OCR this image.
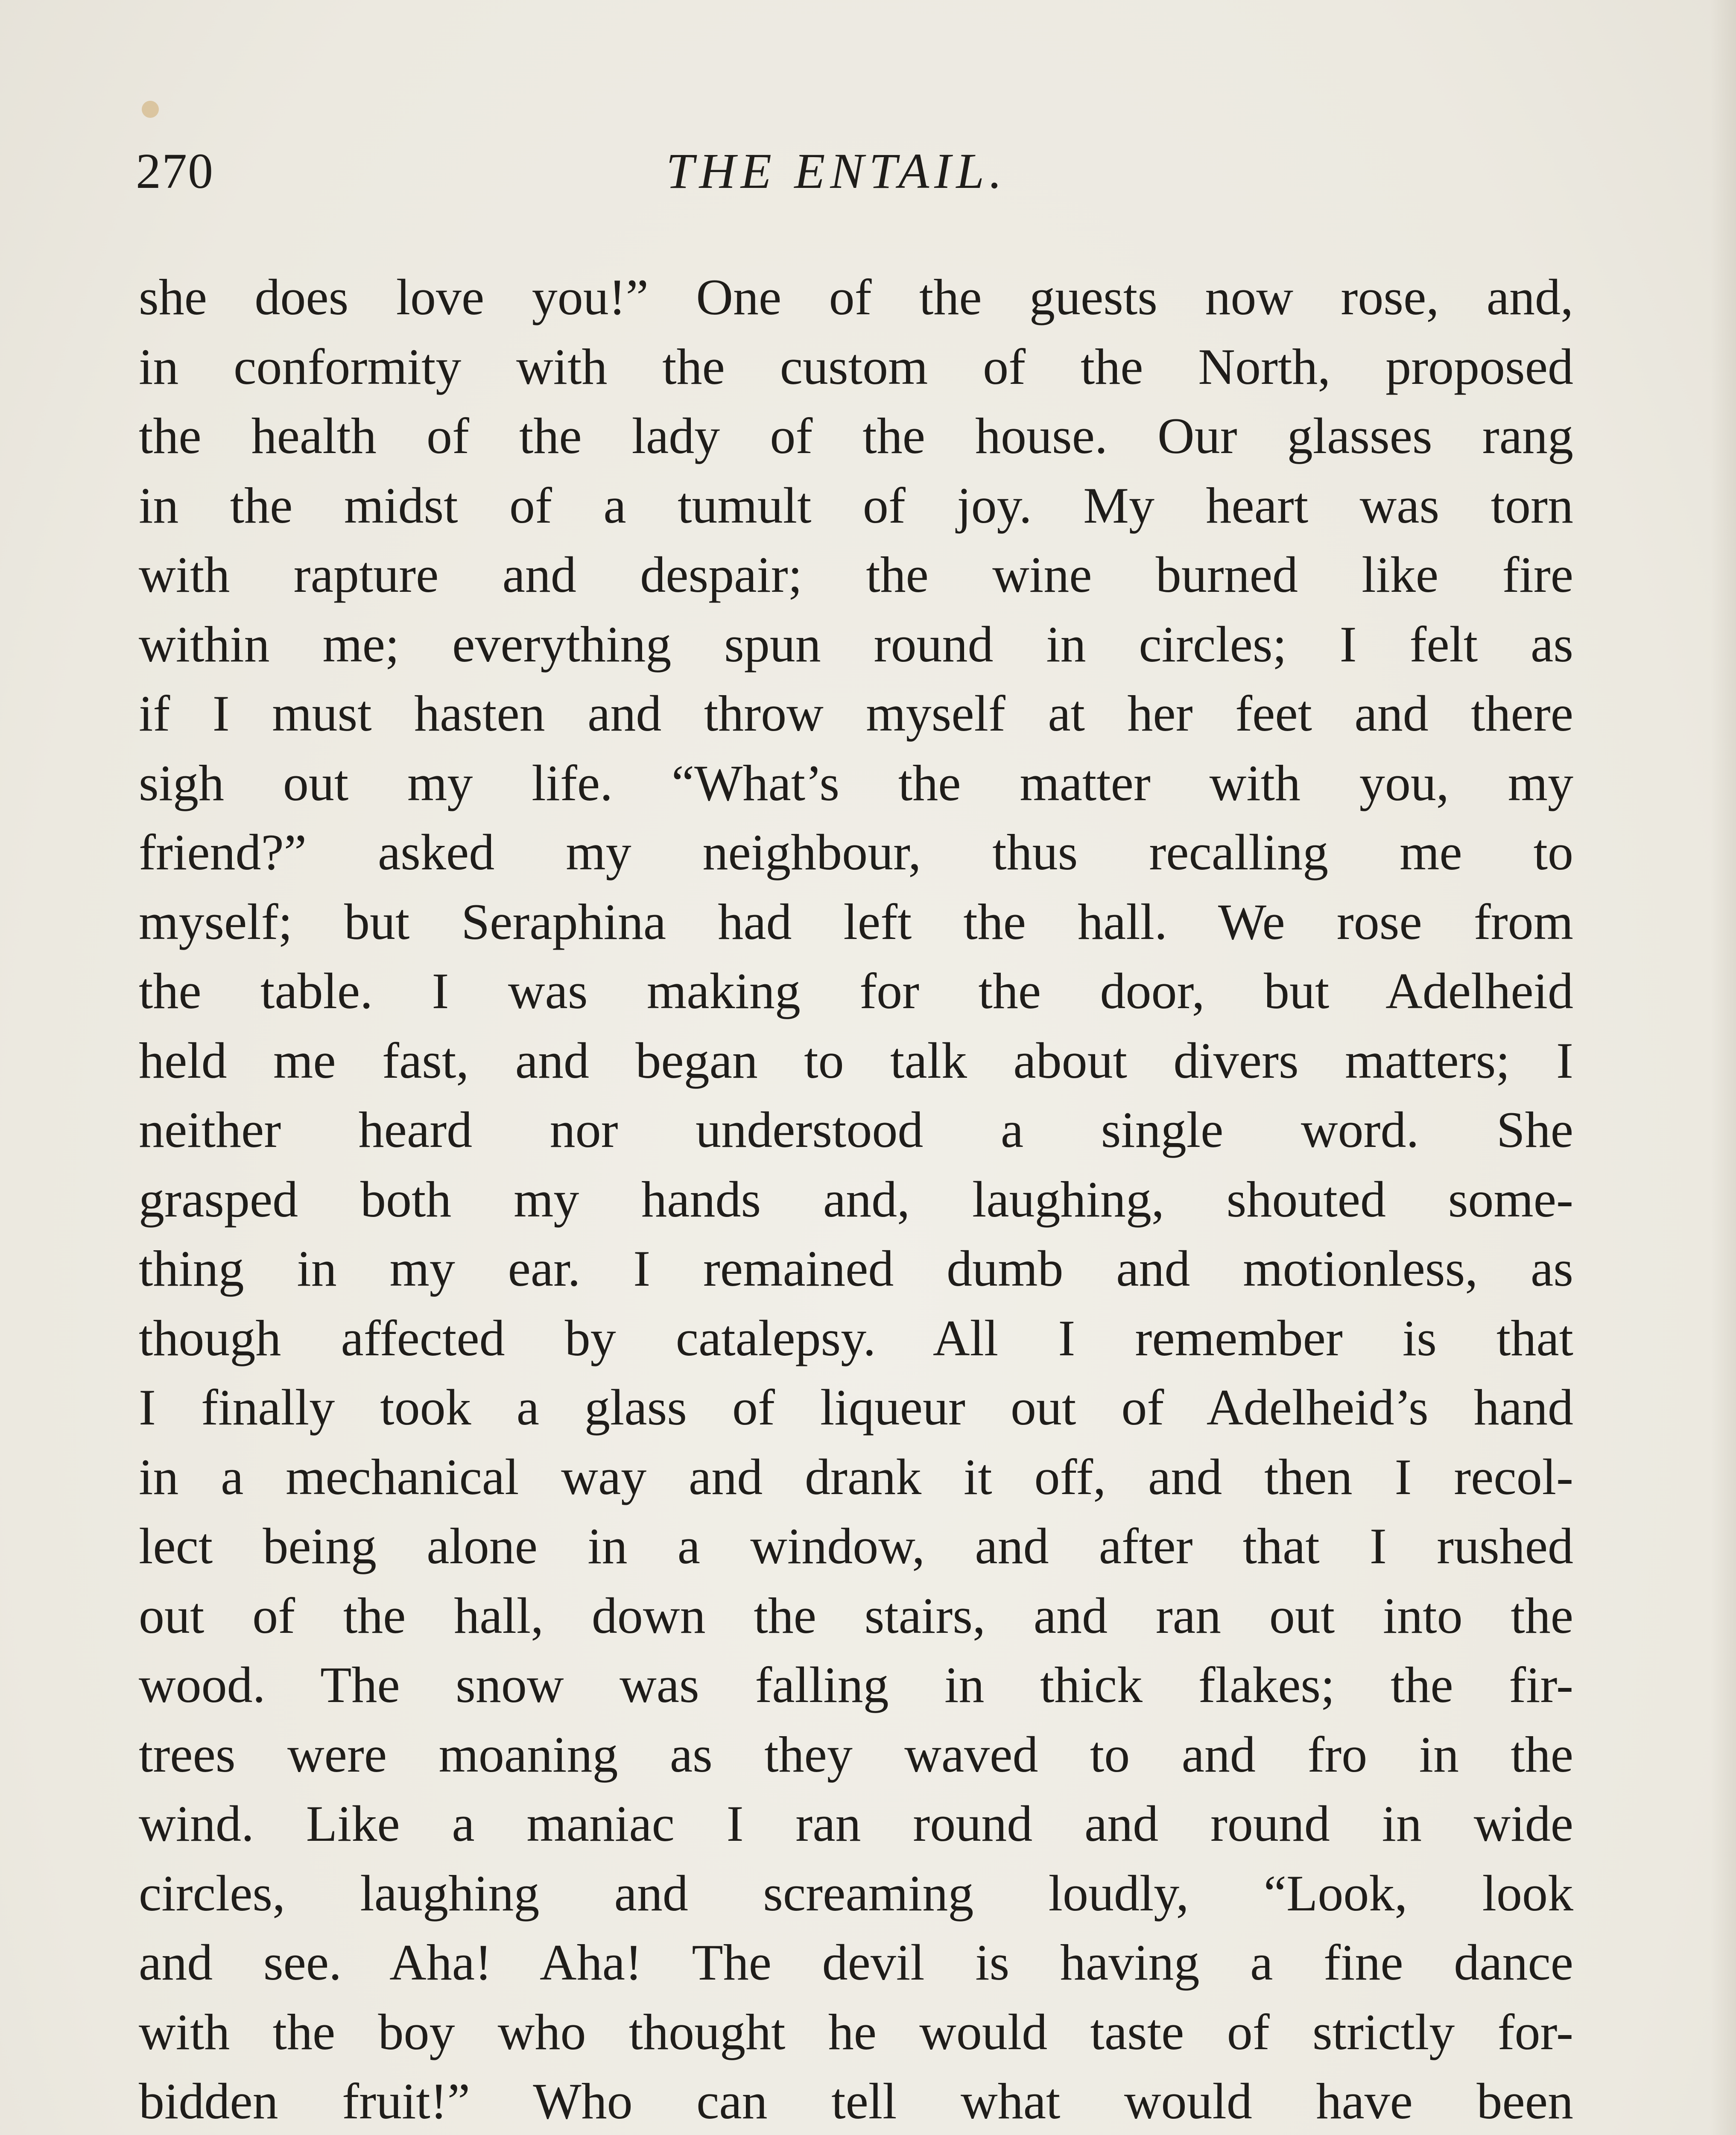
270	THE ENTAIL.
she does love you!” One of the guests now rose, and,
in conformity with the custom of the North, proposed
the health of the lady of the house. Our glasses rang
in the midst of a tumult of joy. My heart was torn
with rapture and despair; the wine burned like fire
within me; everything spun round in circles; I felt as
if I must hasten and throw myself at her feet and there
sigh out my life. “What’s the matter with you, my
friend?” asked my neighbour, thus recalling me to
myself; but Seraphina had left the hall. We rose from
the table. I was making for the door, but Adelheid
held me fast, and began to talk about divers matters; I
neither heard nor understood a single word. She
grasped both my hands and, laughing, shouted some-
thing in my ear. I remained dumb and motionless, as
though affected by catalepsy. All I remember is that
I finally took a glass of liqueur out of Adelheid’s hand
in a mechanical way and drank it off, and then I recol-
lect being alone in a window, and after that I rushed
out of the hall, down the stairs, and ran out into the
wood. The snow was falling in thick flakes; the fir-
trees were moaning as they waved to and fro in the
wind. Like a maniac I ran round and round in wide
circles, laughing and screaming loudly, “Look, look
and see. Aha! Aha! The devil is having a fine dance
with the boy who thought he would taste of strictly for-
bidden fruit!” Who can tell what would have been
